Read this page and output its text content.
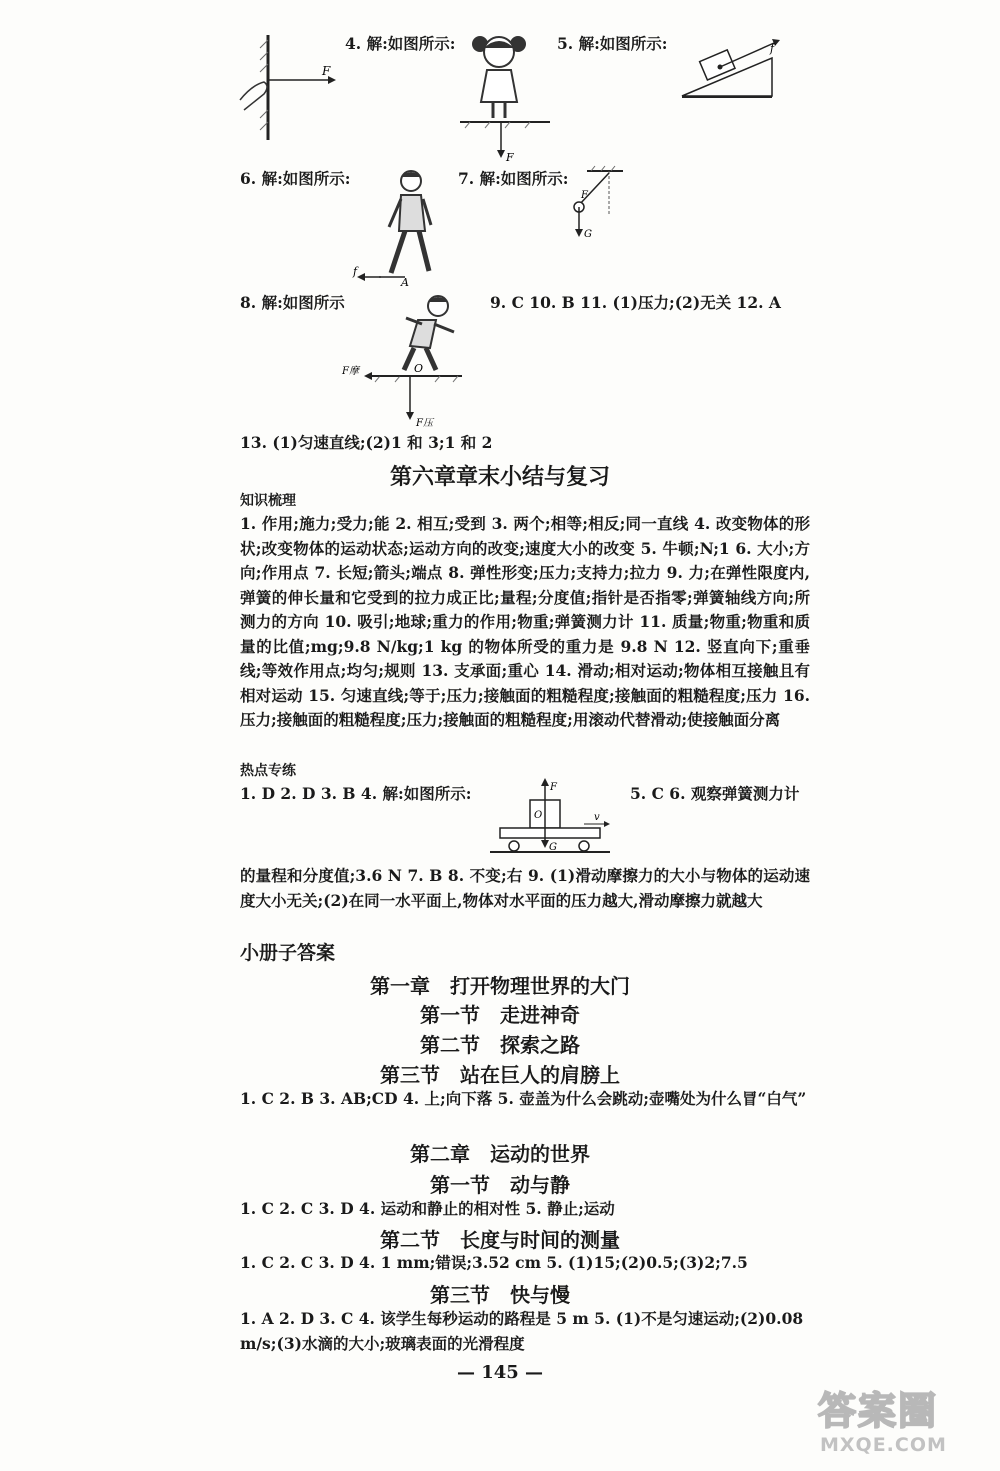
F
4. 解:如图所示:
F
5. 解:如图所示:	f
6. 解:如图所示:
f
A
7. 解:如图所示:
F
G
8. 解:如图所示
O
F摩
F压
9. C 10. B 11. (1)压力;(2)无关 12. A
13. (1)匀速直线;(2)1 和 3;1 和 2
第六章章末小结与复习
知识梳理
1. 作用;施力;受力;能 2. 相互;受到 3. 两个;相等;相反;同一直线 4. 改变物体的形状;改变物体的运动状态;运动方向的改变;速度大小的改变 5. 牛顿;N;1 6. 大小;方向;作用点 7. 长短;箭头;端点 8. 弹性形变;压力;支持力;拉力 9. 力;在弹性限度内,弹簧的伸长量和它受到的拉力成正比;量程;分度值;指针是否指零;弹簧轴线方向;所测力的方向 10. 吸引;地球;重力的作用;物重;弹簧测力计 11. 质量;物重;物重和质量的比值;mg;9.8 N/kg;1 kg 的物体所受的重力是 9.8 N 12. 竖直向下;重垂线;等效作用点;均匀;规则 13. 支承面;重心 14. 滑动;相对运动;物体相互接触且有相对运动 15. 匀速直线;等于;压力;接触面的粗糙程度;接触面的粗糙程度;压力 16. 压力;接触面的粗糙程度;压力;接触面的粗糙程度;用滚动代替滑动;使接触面分离
热点专练
1. D 2. D 3. B 4. 解:如图所示:	F
O
G
v
5. C 6. 观察弹簧测力计
的量程和分度值;3.6 N 7. B 8. 不变;右 9. (1)滑动摩擦力的大小与物体的运动速度大小无关;(2)在同一水平面上,物体对水平面的压力越大,滑动摩擦力就越大
小册子答案
第一章　打开物理世界的大门
第一节　走进神奇
第二节　探索之路
第三节　站在巨人的肩膀上
1. C 2. B 3. AB;CD 4. 上;向下落 5. 壶盖为什么会跳动;壶嘴处为什么冒“白气”
第二章　运动的世界
第一节　动与静
1. C 2. C 3. D 4. 运动和静止的相对性 5. 静止;运动
第二节　长度与时间的测量
1. C 2. C 3. D 4. 1 mm;错误;3.52 cm 5. (1)15;(2)0.5;(3)2;7.5
第三节　快与慢
1. A 2. D 3. C 4. 该学生每秒运动的路程是 5 m 5. (1)不是匀速运动;(2)0.08 m/s;(3)水滴的大小;玻璃表面的光滑程度
— 145 —
答案圈
MXQE.COM
